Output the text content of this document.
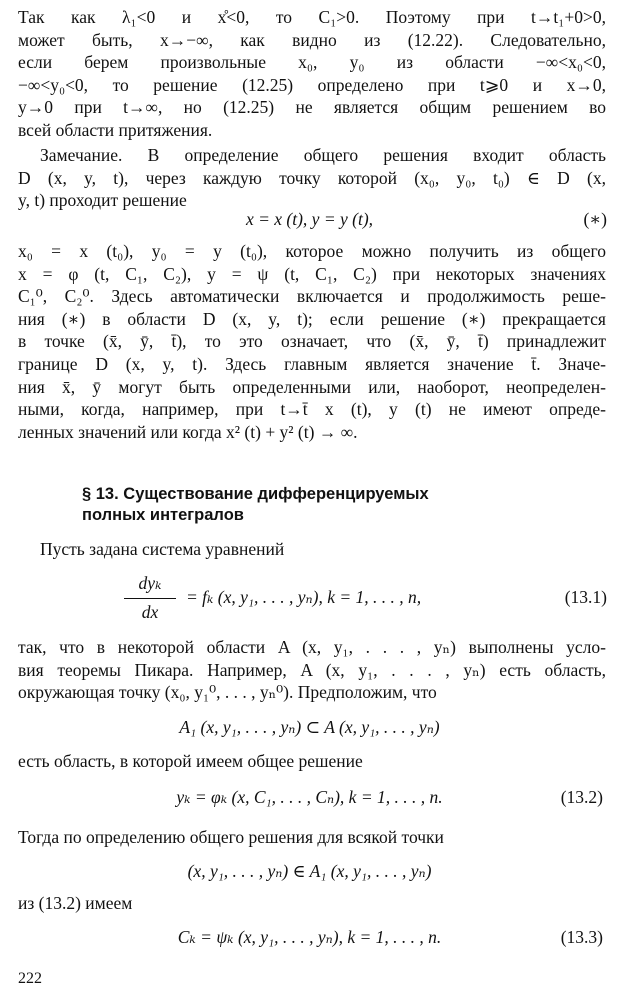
Так как λ₁<0 и x̊<0, то C₁>0. Поэтому при t→t₁+0>0,
может быть, x→−∞, как видно из (12.22). Следовательно,
если берем произвольные x₀, y₀ из области −∞<x₀<0,
−∞<y₀<0, то решение (12.25) определено при t⩾0 и x→0,
y→0 при t→∞, но (12.25) не является общим решением во
всей области притяжения.
Замечание. В определение общего решения входит область
D (x, y, t), через каждую точку которой (x₀, y₀, t₀) ∈ D (x,
y, t) проходит решение
x = x (t), y = y (t),	(∗)
x₀ = x (t₀), y₀ = y (t₀), которое можно получить из общего
x = φ (t, C₁, C₂), y = ψ (t, C₁, C₂) при некоторых значениях
C₁⁰, C₂⁰. Здесь автоматически включается и продолжимость реше-
ния (∗) в области D (x, y, t); если решение (∗) прекращается
в точке (x̄, ȳ, t̄), то это означает, что (x̄, ȳ, t̄) принадлежит
границе D (x, y, t). Здесь главным является значение t̄. Значе-
ния x̄, ȳ могут быть определенными или, наоборот, неопределен-
ными, когда, например, при t→t̄ x (t), y (t) не имеют опреде-
ленных значений или когда x² (t) + y² (t) → ∞.
§ 13. Существование дифференцируемых
полных интегралов
Пусть задана система уравнений
dyₖ
dx
= fₖ (x, y₁, . . . , yₙ), k = 1, . . . , n,	(13.1)
так, что в некоторой области A (x, y₁, . . . , yₙ) выполнены усло-
вия теоремы Пикара. Например, A (x, y₁, . . . , yₙ) есть область,
окружающая точку (x₀, y₁⁰, . . . , yₙ⁰). Предположим, что
A₁ (x, y₁, . . . , yₙ) ⊂ A (x, y₁, . . . , yₙ)
есть область, в которой имеем общее решение
yₖ = φₖ (x, C₁, . . . , Cₙ), k = 1, . . . , n.	(13.2)
Тогда по определению общего решения для всякой точки
(x, y₁, . . . , yₙ) ∈ A₁ (x, y₁, . . . , yₙ)
из (13.2) имеем
Cₖ = ψₖ (x, y₁, . . . , yₙ), k = 1, . . . , n.	(13.3)
222
